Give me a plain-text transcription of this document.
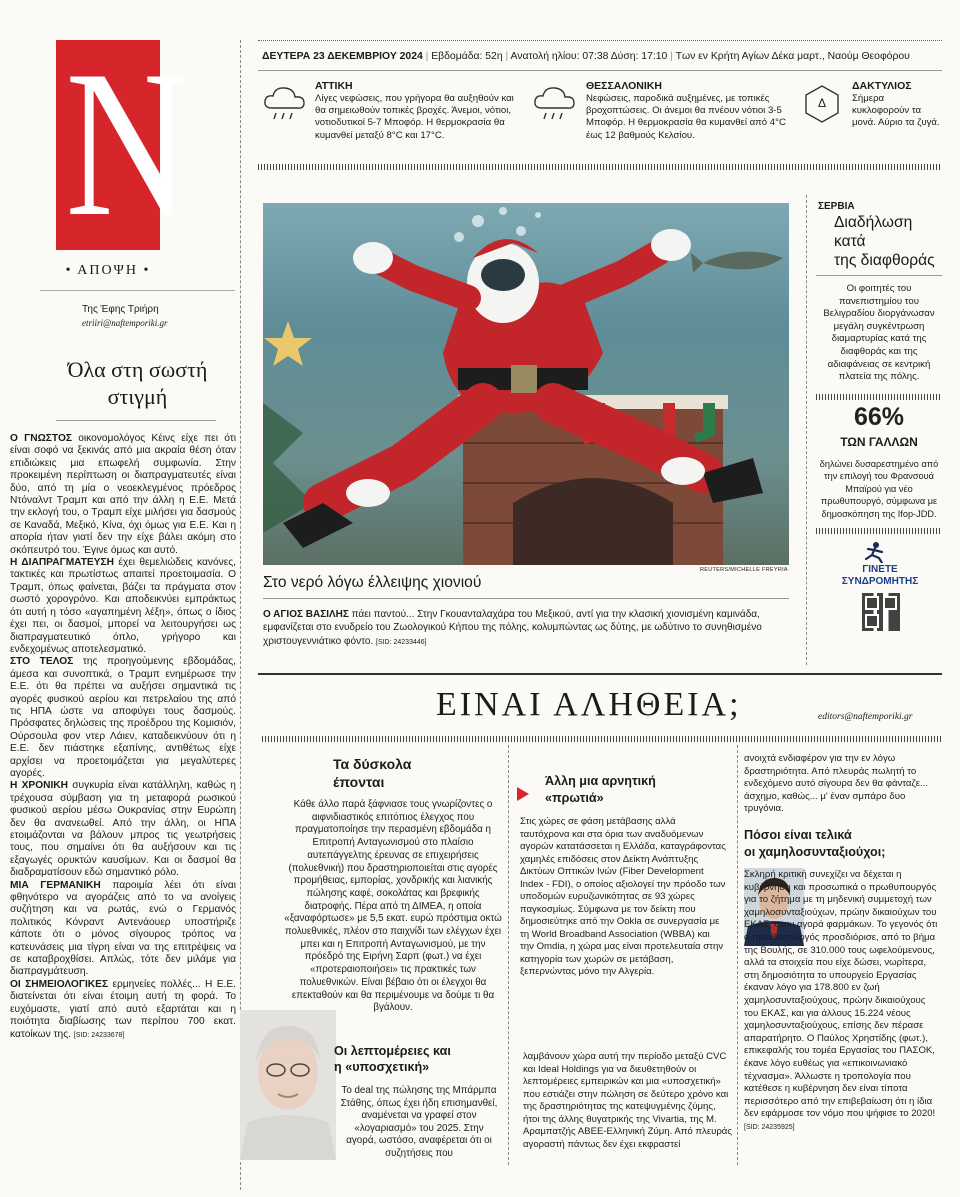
N
• ΑΠΟΨΗ •
Της Έφης Τριήρη
etriiri@naftemporiki.gr
Όλα στη σωστή
στιγμή

Ο ΓΝΩΣΤΟΣ οικονομολόγος Κέινς είχε πει ότι είναι σοφό να ξεκινάς από μια ακραία θέση όταν επιδιώκεις μια επωφελή συμφωνία. Στην προκειμένη περίπτωση οι διαπραγματευτές είναι δύο, από τη μία ο νεοεκλεγμένος πρόεδρος Ντόναλντ Τραμπ και από την άλλη η Ε.Ε. Μετά την εκλογή του, ο Τραμπ είχε μιλήσει για δασμούς σε Καναδά, Μεξικό, Κίνα, όχι όμως για Ε.Ε. Και η απορία ήταν γιατί δεν την είχε βάλει ακόμη στο σκόπευτρό του. Έγινε όμως και αυτό.

Η ΔΙΑΠΡΑΓΜΑΤΕΥΣΗ έχει θεμελιώδεις κανόνες, τακτικές και πρωτίστως απαιτεί προετοιμασία. Ο Τραμπ, όπως φαίνεται, βάζει τα πράγματα στον σωστό χορογρόνο. Και αποδεικνύει εμπράκτως ότι αυτή η τόσο «αγαπημένη λέξη», όπως ο ίδιος έχει πει, οι δασμοί, μπορεί να λειτουργήσει ως διαπραγματευτικό όπλο, γρήγορο και ενδεχομένως αποτελεσματικό.

ΣΤΟ ΤΕΛΟΣ της προηγούμενης εβδομάδας, άμεσα και συνοπτικά, ο Τραμπ ενημέρωσε την Ε.Ε. ότι θα πρέπει να αυξήσει σημαντικά τις αγορές φυσικού αερίου και πετρελαίου της από τις ΗΠΑ ώστε να αποφύγει τους δασμούς. Πρόσφατες δηλώσεις της προέδρου της Κομισιόν, Ούρσουλα φον ντερ Λάιεν, καταδεικνύουν ότι η Ε.Ε. δεν πιάστηκε εξαπίνης, αντιθέτως είχε αρχίσει να προετοιμάζεται για μεγαλύτερες αγορές.

Η ΧΡΟΝΙΚΗ συγκυρία είναι κατάλληλη, καθώς η τρέχουσα σύμβαση για τη μεταφορά ρωσικού φυσικού αερίου μέσω Ουκρανίας στην Ευρώπη δεν θα ανανεωθεί. Από την άλλη, οι ΗΠΑ ετοιμάζονται να βάλουν μπρος τις γεωτρήσεις τους, που σημαίνει ότι θα αυξήσουν και τις εξαγωγές ορυκτών καυσίμων. Και οι δασμοί θα διαδραματίσουν εδώ σημαντικό ρόλο.

ΜΙΑ ΓΕΡΜΑΝΙΚΗ παροιμία λέει ότι είναι φθηνότερο να αγοράζεις από το να ανοίγεις συζήτηση και να ρωτάς, ενώ ο Γερμανός πολιτικός Κόνραντ Αντενάουερ υποστήριζε κάποτε ότι ο μόνος σίγουρος τρόπος να κατευνάσεις μια τίγρη είναι να της επιτρέψεις να σε καταβροχθίσει. Απλώς, τότε δεν μιλάμε για διαπραγμάτευση.

ΟΙ ΣΗΜΕΙΟΛΟΓΙΚΕΣ ερμηνείες πολλές... Η Ε.Ε. διατείνεται ότι είναι έτοιμη αυτή τη φορά. Το ευχόμαστε, γιατί από αυτό εξαρτάται και η ποιότητα διαβίωσης των περίπου 700 εκατ. κατοίκων της. [SID: 24233678]

ΔΕΥΤΕΡΑ 23 ΔΕΚΕΜΒΡΙΟΥ 2024 | Εβδομάδα: 52η | Ανατολή ηλίου: 07:38 Δύση: 17:10 | Των εν Κρήτη Αγίων Δέκα μαρτ., Ναούμ Θεοφόρου
ΑΤΤΙΚΗ
Λίγες νεφώσεις, που γρήγορα θα αυξηθούν και θα σημειωθούν τοπικές βροχές. Άνεμοι, νότιοι, νοτιοδυτικοί 5-7 Μποφόρ. Η θερμοκρασία θα κυμανθεί μεταξύ 8°C και 17°C.
ΘΕΣΣΑΛΟΝΙΚΗ
Νεφώσεις, παροδικά αυξημένες, με τοπικές βροχοπτώσεις. Οι άνεμοι θα πνέουν νότιοι 3-5 Μποφόρ. Η θερμοκρασία θα κυμανθεί από 4°C έως 12 βαθμούς Κελσίου.
Δ
ΔΑΚΤΥΛΙΟΣ
Σήμερα κυκλοφορούν τα μονά. Αύριο τα ζυγά.
REUTERS/MICHELLE FREYRIA
Στο νερό λόγω έλλειψης χιονιού
Ο ΑΓΙΟΣ ΒΑΣΙΛΗΣ πάει παντού... Στην Γκουανταλαχάρα του Μεξικού, αντί για την κλασική χιονισμένη καμινάδα, εμφανίζεται στο ενυδρείο του Ζωολογικού Κήπου της πόλης, κολυμπώντας ως δύτης, με ωδύτινο το συνηθισμένο χριστουγεννιάτικο φόντο. [SID: 24233446]
ΣΕΡΒΙΑ
Διαδήλωση
κατά
της διαφθοράς
Οι φοιτητές του πανεπιστημίου του Βελιγραδίου διοργάνωσαν μεγάλη συγκέντρωση διαμαρτυρίας κατά της διαφθοράς και της αδιαφάνειας σε κεντρική πλατεία της πόλης.
66%
ΤΩΝ ΓΑΛΛΩΝ
δηλώνει δυσαρεστημένο από την επιλογή του Φρανσουά Μπαϊρού για νέο πρωθυπουργό, σύμφωνα με δημοσκόπηση της Ifop-JDD.
ΓΙΝΕΤΕ
ΣΥΝΔΡΟΜΗΤΗΣ
ΕΙΝΑΙ ΑΛΗΘΕΙΑ;	editors@naftemporiki.gr
Τα δύσκολα
έπονται
Κάθε άλλο παρά ξάφνιασε τους γνωρίζοντες ο αιφνιδιαστικός επιτόπιος έλεγχος που πραγματοποίησε την περασμένη εβδομάδα η Επιτροπή Ανταγωνισμού στο πλαίσιο αυτεπάγγελτης έρευνας σε επιχειρήσεις (πολυεθνική) που δραστηριοποιείται στις αγορές προμήθειας, εμπορίας, χονδρικής και λιανικής πώλησης καφέ, σοκολάτας και βρεφικής διατροφής. Πέρα από τη ΔΙΜΕΑ, η οποία «ξαναφόρτωσε» με 5,5 εκατ. ευρώ πρόστιμα οκτώ πολυεθνικές, πλέον στο παιχνίδι των ελέγχων έχει μπει και η Επιτροπή Ανταγωνισμού, με την πρόεδρό της Ειρήνη Σαρπ (φωτ.) να έχει «προτεραιοποιήσει» τις πρακτικές των πολυεθνικών. Είναι βέβαιο ότι οι έλεγχοι θα επεκταθούν και θα περιμένουμε να δούμε τι θα βγάλουν.
Οι λεπτομέρειες και
η «υποσχετική»
Το deal της πώλησης της Μπάρμπα Στάθης, όπως έχει ήδη επισημανθεί, αναμένεται να γραφεί στον «λογαριασμό» του 2025. Στην αγορά, ωστόσο, αναφέρεται ότι οι συζητήσεις που
Άλλη μια αρνητική
«πρωτιά»
Στις χώρες σε φάση μετάβασης αλλά ταυτόχρονα και στα όρια των αναδυόμενων αγορών κατατάσσεται η Ελλάδα, καταγράφοντας χαμηλές επιδόσεις στον Δείκτη Ανάπτυξης Δικτύων Οπτικών Ινών (Fiber Development Index - FDI), ο οποίος αξιολογεί την πρόοδο των υποδομών ευρυζωνικότητας σε 93 χώρες παγκοσμίως. Σύμφωνα με τον δείκτη που δημοσιεύτηκε από την Ookla σε συνεργασία με τη World Broadband Association (WBBA) και την Omdia, η χώρα μας είναι προτελευταία στην κατηγορία των χωρών σε μετάβαση, ξεπερνώντας μόνο την Αλγερία.
λαμβάνουν χώρα αυτή την περίοδο μεταξύ CVC και Ideal Holdings για να διευθετηθούν οι λεπτομέρειες εμπειρικών και μια «υποσχετική» που εστιάζει στην πώληση σε δεύτερο χρόνο και της δραστηριότητας της κατεψυγμένης ζύμης, ήτοι της άλλης θυγατρικής της Vivartia, της Μ. Αραμπατζής ΑΒΕΕ-Ελληνική Ζύμη. Από πλευράς αγοραστή πάντως δεν έχει εκφραστεί
ανοιχτά ενδιαφέρον για την εν λόγω δραστηριότητα. Από πλευράς πωλητή το ενδεχόμενο αυτό σίγουρα δεν θα φάνταζε... άσχημο, καθώς... μ' έναν σμπάρο δυο τρυγόνια.
Πόσοι είναι τελικά
οι χαμηλοσυνταξιούχοι;
Σκληρή κριτική συνεχίζει να δέχεται η κυβέρνηση και προσωπικά ο πρωθυπουργός για το ζήτημα με τη μηδενική συμμετοχή των χαμηλοσυνταξιούχων, πρώην δικαιούχων του ΕΚΑΣ, στην αγορά φαρμάκων. Το γεγονός ότι ο πρωθυπουργός προσδιόρισε, από το βήμα της Βουλής, σε 310.000 τους ωφελούμενους, αλλά τα στοιχεία που είχε δώσει, νωρίτερα, στη δημοσιότητα το υπουργείο Εργασίας έκαναν λόγο για 178.800 εν ζωή χαμηλοσυνταξιούχους, πρώην δικαιούχους του ΕΚΑΣ, και για άλλους 15.224 νέους χαμηλοσυνταξιούχους, επίσης δεν πέρασε απαρατήρητο. Ο Παύλος Χρηστίδης (φωτ.), επικεφαλής του τομέα Εργασίας του ΠΑΣΟΚ, έκανε λόγο ευθέως για «επικοινωνιακό τέχνασμα». Άλλωστε η τροπολογία που κατέθεσε η κυβέρνηση δεν είναι τίποτα περισσότερο από την επιβεβαίωση ότι η ίδια δεν εφάρμοσε τον νόμο που ψήφισε το 2020! [SID: 24235925]
